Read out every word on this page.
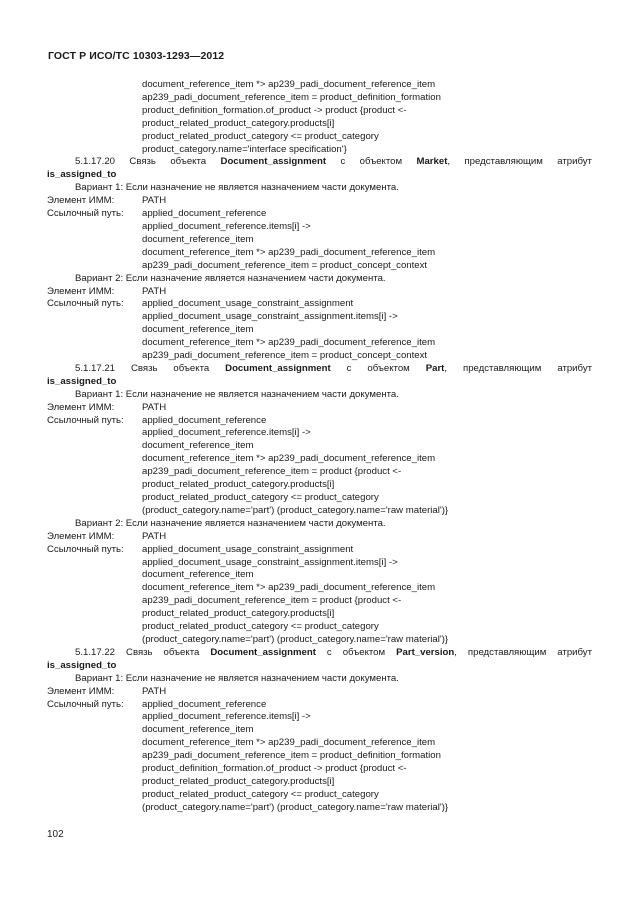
ГОСТ Р ИСО/ТС 10303-1293—2012
document_reference_item *> ap239_padi_document_reference_item
ap239_padi_document_reference_item = product_definition_formation
product_definition_formation.of_product -> product {product <-
product_related_product_category.products[i]
product_related_product_category <= product_category
product_category.name='interface specification'}
5.1.17.20 Связь объекта Document_assignment с объектом Market, представляющим атрибут
is_assigned_to
Вариант 1: Если назначение не является назначением части документа.
Элемент ИММ:	PATH
Ссылочный путь:	applied_document_reference
applied_document_reference.items[i] ->
document_reference_item
document_reference_item *> ap239_padi_document_reference_item
ap239_padi_document_reference_item = product_concept_context
Вариант 2: Если назначение является назначением части документа.
Элемент ИММ:	PATH
Ссылочный путь:	applied_document_usage_constraint_assignment
applied_document_usage_constraint_assignment.items[i] ->
document_reference_item
document_reference_item *> ap239_padi_document_reference_item
ap239_padi_document_reference_item = product_concept_context
5.1.17.21 Связь объекта Document_assignment с объектом Part, представляющим атрибут
is_assigned_to
Вариант 1: Если назначение не является назначением части документа.
Элемент ИММ:	PATH
Ссылочный путь:	applied_document_reference
applied_document_reference.items[i] ->
document_reference_item
document_reference_item *> ap239_padi_document_reference_item
ap239_padi_document_reference_item = product {product <-
product_related_product_category.products[i]
product_related_product_category <= product_category
(product_category.name='part') (product_category.name='raw material')}
Вариант 2: Если назначение является назначением части документа.
Элемент ИММ:	PATH
Ссылочный путь:	applied_document_usage_constraint_assignment
applied_document_usage_constraint_assignment.items[i] ->
document_reference_item
document_reference_item *> ap239_padi_document_reference_item
ap239_padi_document_reference_item = product {product <-
product_related_product_category.products[i]
product_related_product_category <= product_category
(product_category.name='part') (product_category.name='raw material')}
5.1.17.22 Связь объекта Document_assignment с объектом Part_version, представляющим атрибут
is_assigned_to
Вариант 1: Если назначение не является назначением части документа.
Элемент ИММ:	PATH
Ссылочный путь:	applied_document_reference
applied_document_reference.items[i] ->
document_reference_item
document_reference_item *> ap239_padi_document_reference_item
ap239_padi_document_reference_item = product_definition_formation
product_definition_formation.of_product -> product {product <-
product_related_product_category.products[i]
product_related_product_category <= product_category
(product_category.name='part') (product_category.name='raw material')}
102
